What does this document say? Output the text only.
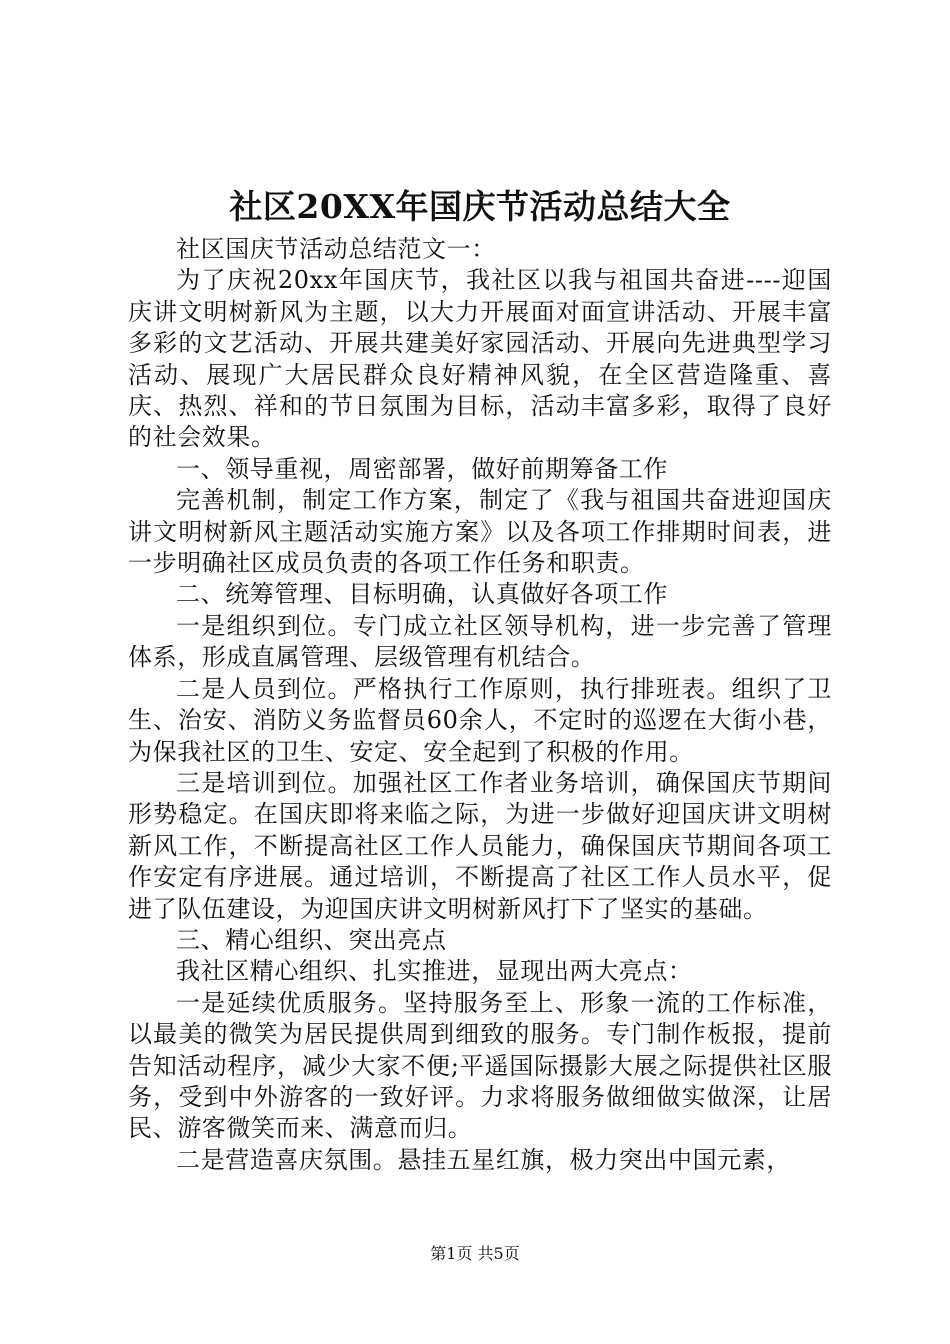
社区20XX年国庆节活动总结大全

社区国庆节活动总结范文一：

为了庆祝20xx年国庆节，我社区以我与祖国共奋进----迎国庆讲文明树新风为主题，以大力开展面对面宣讲活动、开展丰富多彩的文艺活动、开展共建美好家园活动、开展向先进典型学习活动、展现广大居民群众良好精神风貌，在全区营造隆重、喜庆、热烈、祥和的节日氛围为目标，活动丰富多彩，取得了良好的社会效果。

一、领导重视，周密部署，做好前期筹备工作

完善机制，制定工作方案，制定了《我与祖国共奋进迎国庆讲文明树新风主题活动实施方案》以及各项工作排期时间表，进一步明确社区成员负责的各项工作任务和职责。

二、统筹管理、目标明确，认真做好各项工作

一是组织到位。专门成立社区领导机构，进一步完善了管理体系，形成直属管理、层级管理有机结合。

二是人员到位。严格执行工作原则，执行排班表。组织了卫生、治安、消防义务监督员60余人，不定时的巡逻在大街小巷，为保我社区的卫生、安定、安全起到了积极的作用。

三是培训到位。加强社区工作者业务培训，确保国庆节期间形势稳定。在国庆即将来临之际，为进一步做好迎国庆讲文明树新风工作，不断提高社区工作人员能力，确保国庆节期间各项工作安定有序进展。通过培训，不断提高了社区工作人员水平，促进了队伍建设，为迎国庆讲文明树新风打下了坚实的基础。

三、精心组织、突出亮点

我社区精心组织、扎实推进，显现出两大亮点：

一是延续优质服务。坚持服务至上、形象一流的工作标准，以最美的微笑为居民提供周到细致的服务。专门制作板报，提前告知活动程序，减少大家不便;平遥国际摄影大展之际提供社区服务，受到中外游客的一致好评。力求将服务做细做实做深，让居民、游客微笑而来、满意而归。

二是营造喜庆氛围。悬挂五星红旗，极力突出中国元素，

第1页 共5页
